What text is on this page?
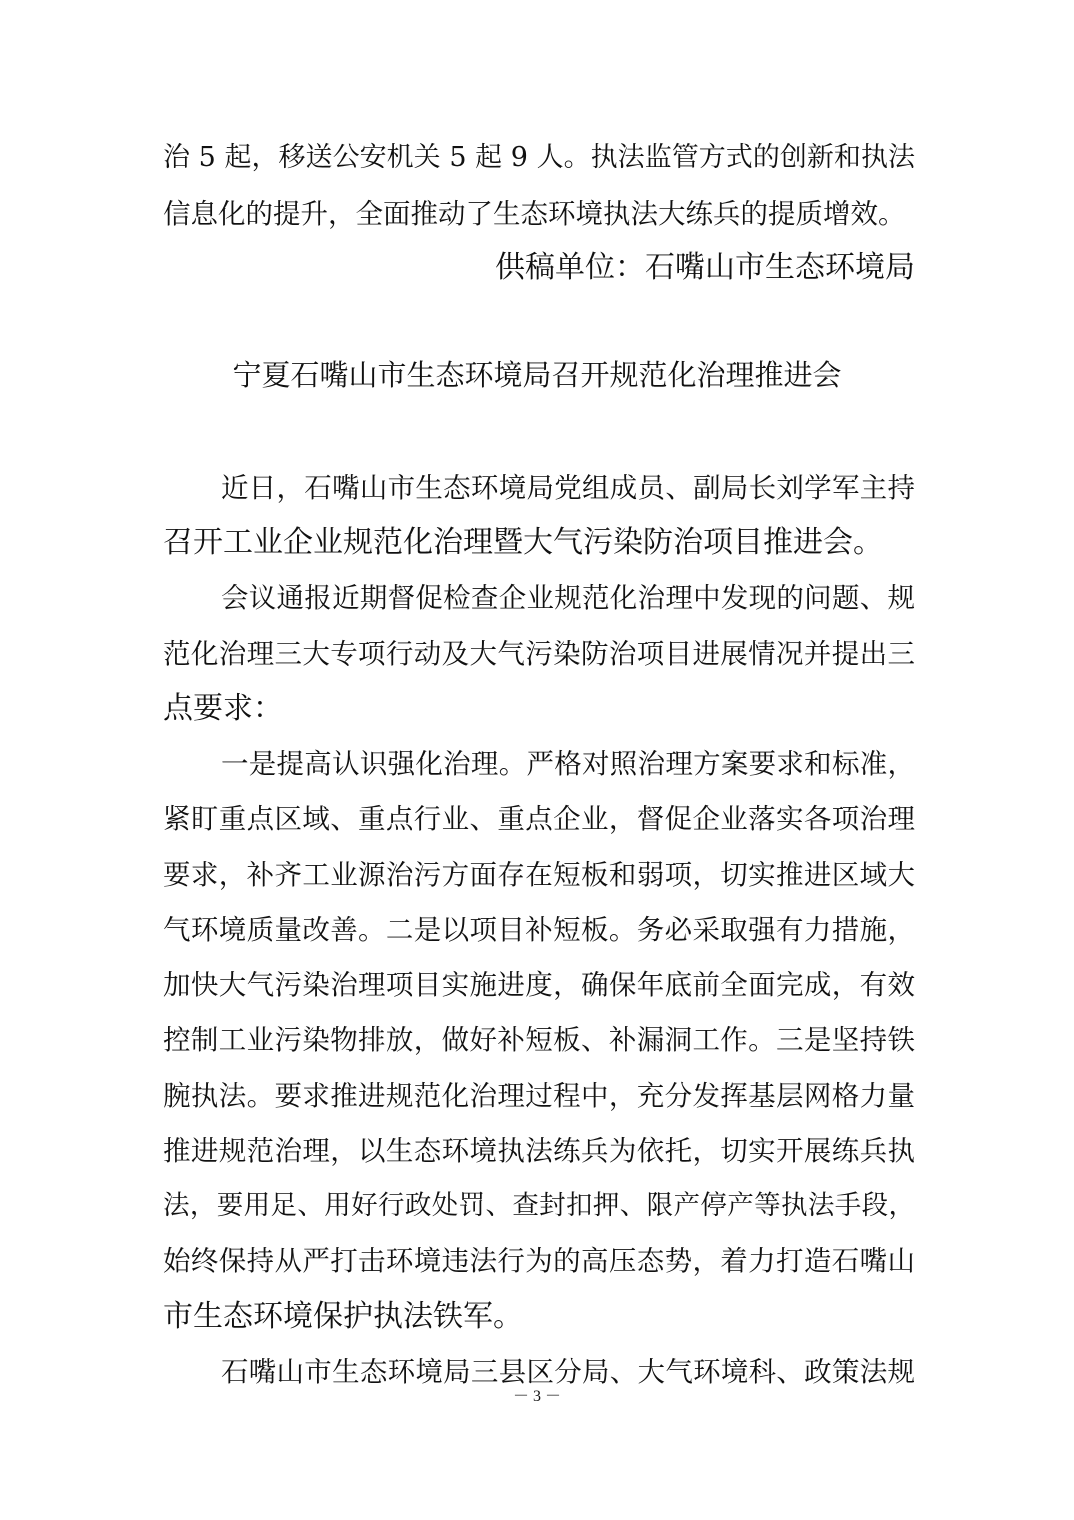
治 5 起，移送公安机关 5 起 9 人。执法监管方式的创新和执法
信息化的提升，全面推动了生态环境执法大练兵的提质增效。
供稿单位：石嘴山市生态环境局
宁夏石嘴山市生态环境局召开规范化治理推进会
近日，石嘴山市生态环境局党组成员、副局长刘学军主持
召开工业企业规范化治理暨大气污染防治项目推进会。
会议通报近期督促检查企业规范化治理中发现的问题、规
范化治理三大专项行动及大气污染防治项目进展情况并提出三
点要求：
一是提高认识强化治理。严格对照治理方案要求和标准，
紧盯重点区域、重点行业、重点企业，督促企业落实各项治理
要求，补齐工业源治污方面存在短板和弱项，切实推进区域大
气环境质量改善。二是以项目补短板。务必采取强有力措施，
加快大气污染治理项目实施进度，确保年底前全面完成，有效
控制工业污染物排放，做好补短板、补漏洞工作。三是坚持铁
腕执法。要求推进规范化治理过程中，充分发挥基层网格力量
推进规范治理，以生态环境执法练兵为依托，切实开展练兵执
法，要用足、用好行政处罚、查封扣押、限产停产等执法手段，
始终保持从严打击环境违法行为的高压态势，着力打造石嘴山
市生态环境保护执法铁军。
石嘴山市生态环境局三县区分局、大气环境科、政策法规
－ 3 －
